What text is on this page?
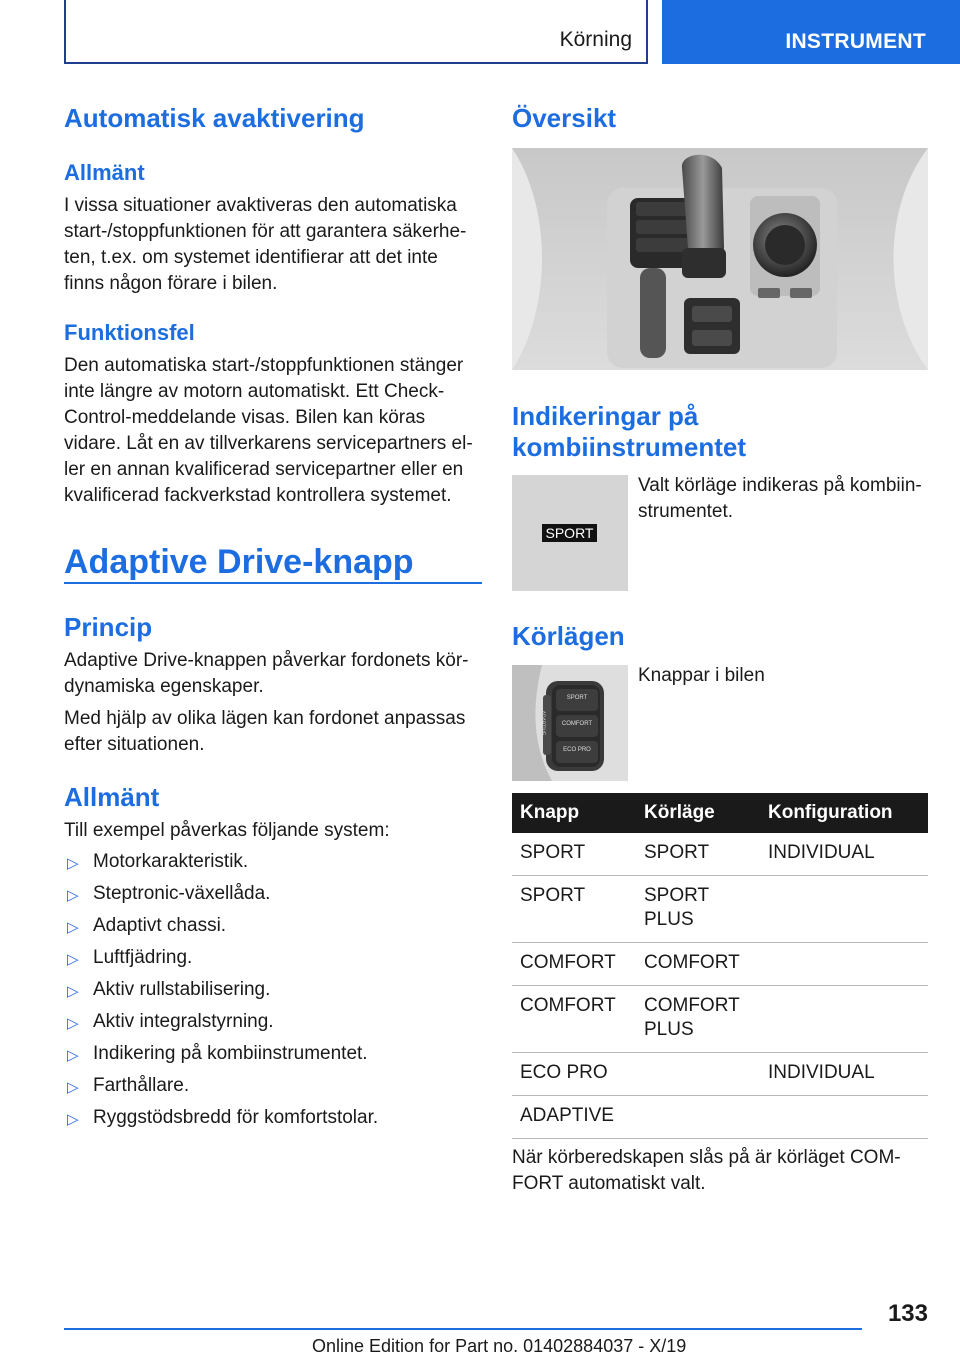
Körning	INSTRUMENT
Automatisk avaktivering
Allmänt
I vissa situationer avaktiveras den automatiska start-/stoppfunktionen för att garantera säkerhe-ten, t.ex. om systemet identifierar att det inte finns någon förare i bilen.
Funktionsfel
Den automatiska start-/stoppfunktionen stänger inte längre av motorn automatiskt. Ett Check-Control-meddelande visas. Bilen kan köras vidare. Låt en av tillverkarens servicepartners el-ler en annan kvalificerad servicepartner eller en kvalificerad fackverkstad kontrollera systemet.
Adaptive Drive-knapp
Princip
Adaptive Drive-knappen påverkar fordonets kör-dynamiska egenskaper.
Med hjälp av olika lägen kan fordonet anpassas efter situationen.
Allmänt
Till exempel påverkas följande system:
▷ Motorkarakteristik.
▷ Steptronic-växellåda.
▷ Adaptivt chassi.
▷ Luftfjädring.
▷ Aktiv rullstabilisering.
▷ Aktiv integralstyrning.
▷ Indikering på kombiinstrumentet.
▷ Farthållare.
▷ Ryggstödsbredd för komfortstolar.
Översikt
Indikeringar på kombiinstrumentet
SPORT
Valt körläge indikeras på kombiin-strumentet.
Körlägen
SPORT
COMFORT
ECO PRO
ADAPTIVE
Knappar i bilen
Knapp	Körläge	Konfiguration
SPORT	SPORT	INDIVIDUAL
SPORT	SPORT
PLUS	
COMFORT	COMFORT	
COMFORT	COMFORT
PLUS	
ECO PRO		INDIVIDUAL
ADAPTIVE		
När körberedskapen slås på är körläget COM-FORT automatiskt valt.
133
Online Edition for Part no. 01402884037 - X/19
